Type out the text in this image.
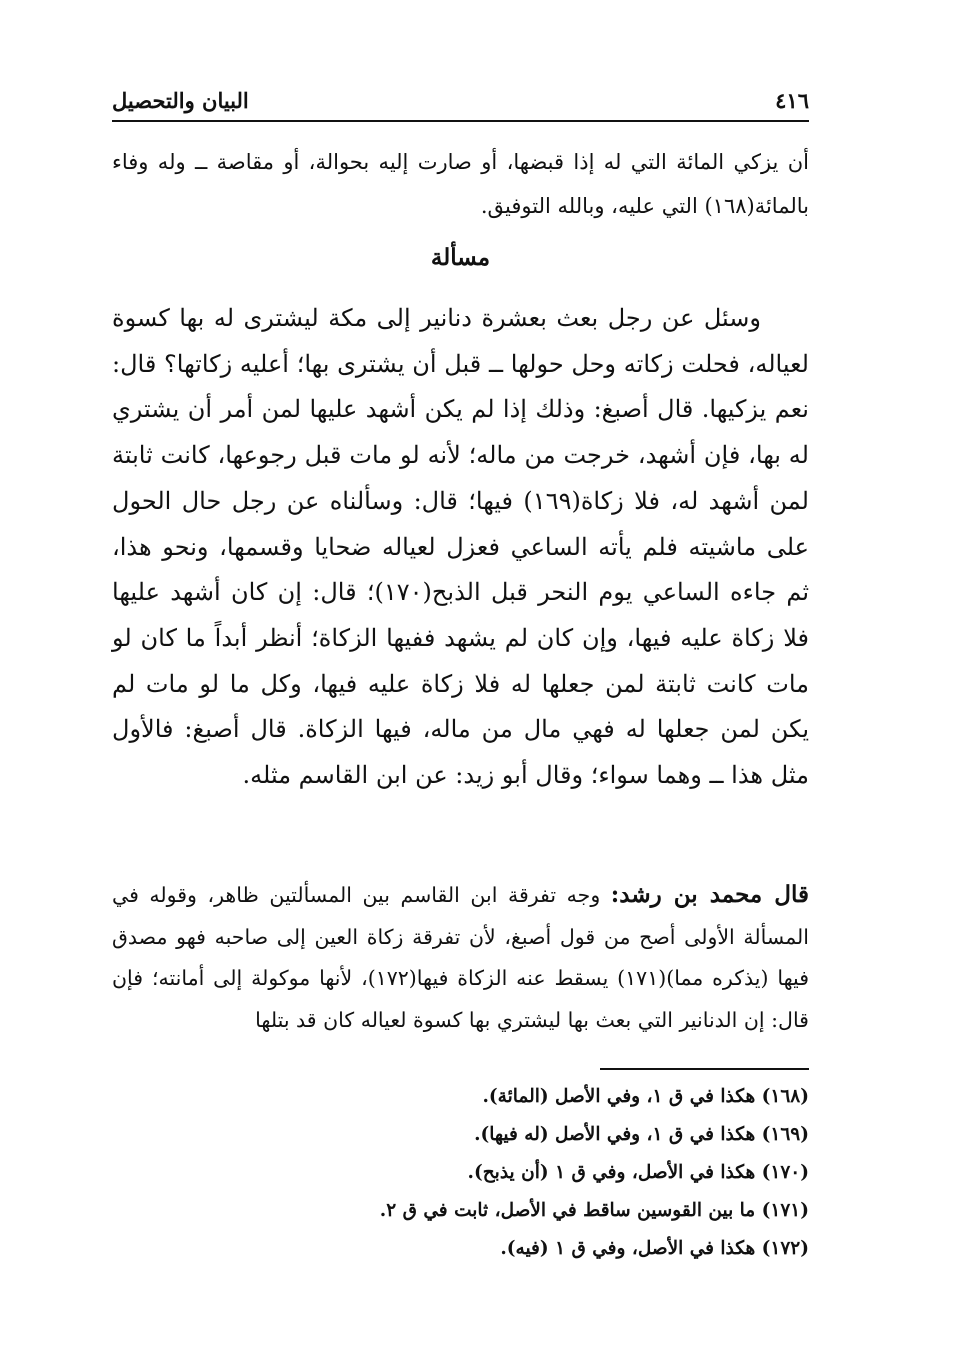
٤١٦
البيان والتحصيل

أن يزكي المائة التي له إذا قبضها، أو صارت إليه بحوالة، أو مقاصة ــ وله وفاء بالمائة(١٦٨) التي عليه، وبالله التوفيق.

مسألة

وسئل عن رجل بعث بعشرة دنانير إلى مكة ليشترى له بها كسوة لعياله، فحلت زكاته وحل حولها ــ قبل أن يشترى بها؛ أعليه زكاتها؟ قال: نعم يزكيها. قال أصبغ: وذلك إذا لم يكن أشهد عليها لمن أمر أن يشتري له بها، فإن أشهد، خرجت من ماله؛ لأنه لو مات قبل رجوعها، كانت ثابتة لمن أشهد له، فلا زكاة(١٦٩) فيها؛ قال: وسألناه عن رجل حال الحول على ماشيته فلم يأته الساعي فعزل لعياله ضحايا وقسمها، ونحو هذا، ثم جاءه الساعي يوم النحر قبل الذبح(١٧٠)؛ قال: إن كان أشهد عليها فلا زكاة عليه فيها، وإن كان لم يشهد ففيها الزكاة؛ أنظر أبداً ما كان لو مات كانت ثابتة لمن جعلها له فلا زكاة عليه فيها، وكل ما لو مات لم يكن لمن جعلها له فهي مال من ماله، فيها الزكاة. قال أصبغ: فالأول مثل هذا ــ وهما سواء؛ وقال أبو زيد: عن ابن القاسم مثله.

قال محمد بن رشد: وجه تفرقة ابن القاسم بين المسألتين ظاهر، وقوله في المسألة الأولى أصح من قول أصبغ، لأن تفرقة زكاة العين إلى صاحبه فهو مصدق فيها (يذكره مما)(١٧١) يسقط عنه الزكاة فيها(١٧٢)، لأنها موكولة إلى أمانته؛ فإن قال: إن الدنانير التي بعث بها ليشتري بها كسوة لعياله كان قد بتلها

(١٦٨) هكذا في ق ١، وفي الأصل (المائة).
(١٦٩) هكذا في ق ١، وفي الأصل (له فيها).
(١٧٠) هكذا في الأصل، وفي ق ١ (أن يذبح).
(١٧١) ما بين القوسين ساقط في الأصل، ثابت في ق ٢.
(١٧٢) هكذا في الأصل، وفي ق ١ (فيه).
